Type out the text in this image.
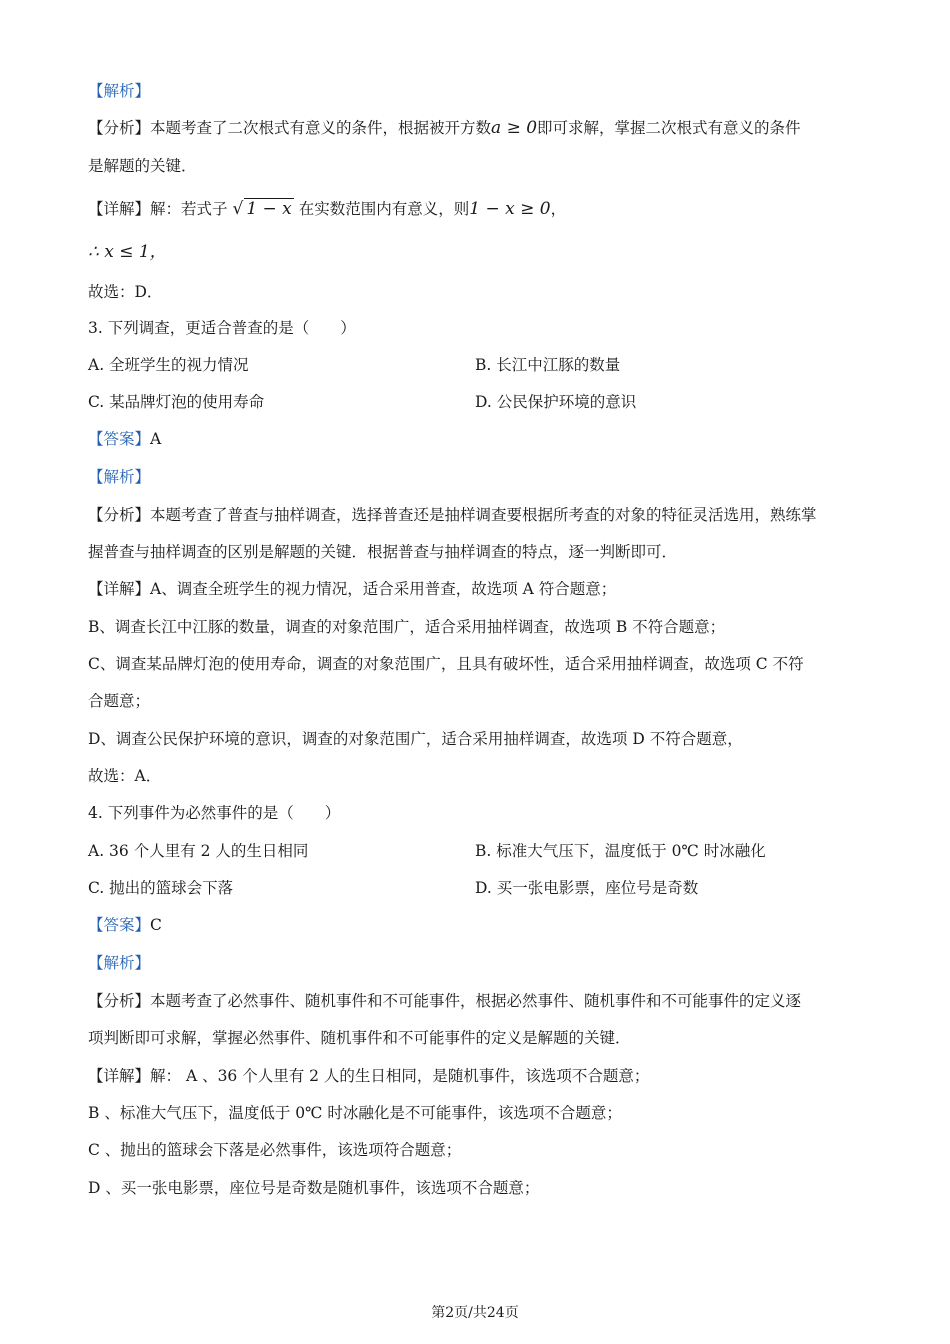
【解析】
【分析】本题考查了二次根式有意义的条件，根据被开方数a ≥ 0即可求解，掌握二次根式有意义的条件
是解题的关键．
【详解】解：若式子 √ 1 − x 在实数范围内有意义，则1 − x ≥ 0，
∴ x ≤ 1，
故选：D．
3. 下列调查，更适合普查的是（　　）
A. 全班学生的视力情况	B. 长江中江豚的数量
C. 某品牌灯泡的使用寿命	D. 公民保护环境的意识
【答案】A
【解析】
【分析】本题考查了普查与抽样调查，选择普查还是抽样调查要根据所考查的对象的特征灵活选用，熟练掌
握普查与抽样调查的区别是解题的关键．根据普查与抽样调查的特点，逐一判断即可．
【详解】A、调查全班学生的视力情况，适合采用普查，故选项 A 符合题意；
B、调查长江中江豚的数量，调查的对象范围广，适合采用抽样调查，故选项 B 不符合题意；
C、调查某品牌灯泡的使用寿命，调查的对象范围广，且具有破坏性，适合采用抽样调查，故选项 C 不符
合题意；
D、调查公民保护环境的意识，调查的对象范围广，适合采用抽样调查，故选项 D 不符合题意，
故选：A．
4. 下列事件为必然事件的是（　　）
A. 36 个人里有 2 人的生日相同	B. 标准大气压下，温度低于 0℃ 时冰融化
C. 抛出的篮球会下落	D. 买一张电影票，座位号是奇数
【答案】C
【解析】
【分析】本题考查了必然事件、随机事件和不可能事件，根据必然事件、随机事件和不可能事件的定义逐
项判断即可求解，掌握必然事件、随机事件和不可能事件的定义是解题的关键．
【详解】解： A 、36 个人里有 2 人的生日相同，是随机事件，该选项不合题意；
B 、标准大气压下，温度低于 0℃ 时冰融化是不可能事件，该选项不合题意；
C 、抛出的篮球会下落是必然事件，该选项符合题意；
D 、买一张电影票，座位号是奇数是随机事件，该选项不合题意；
第2页/共24页
